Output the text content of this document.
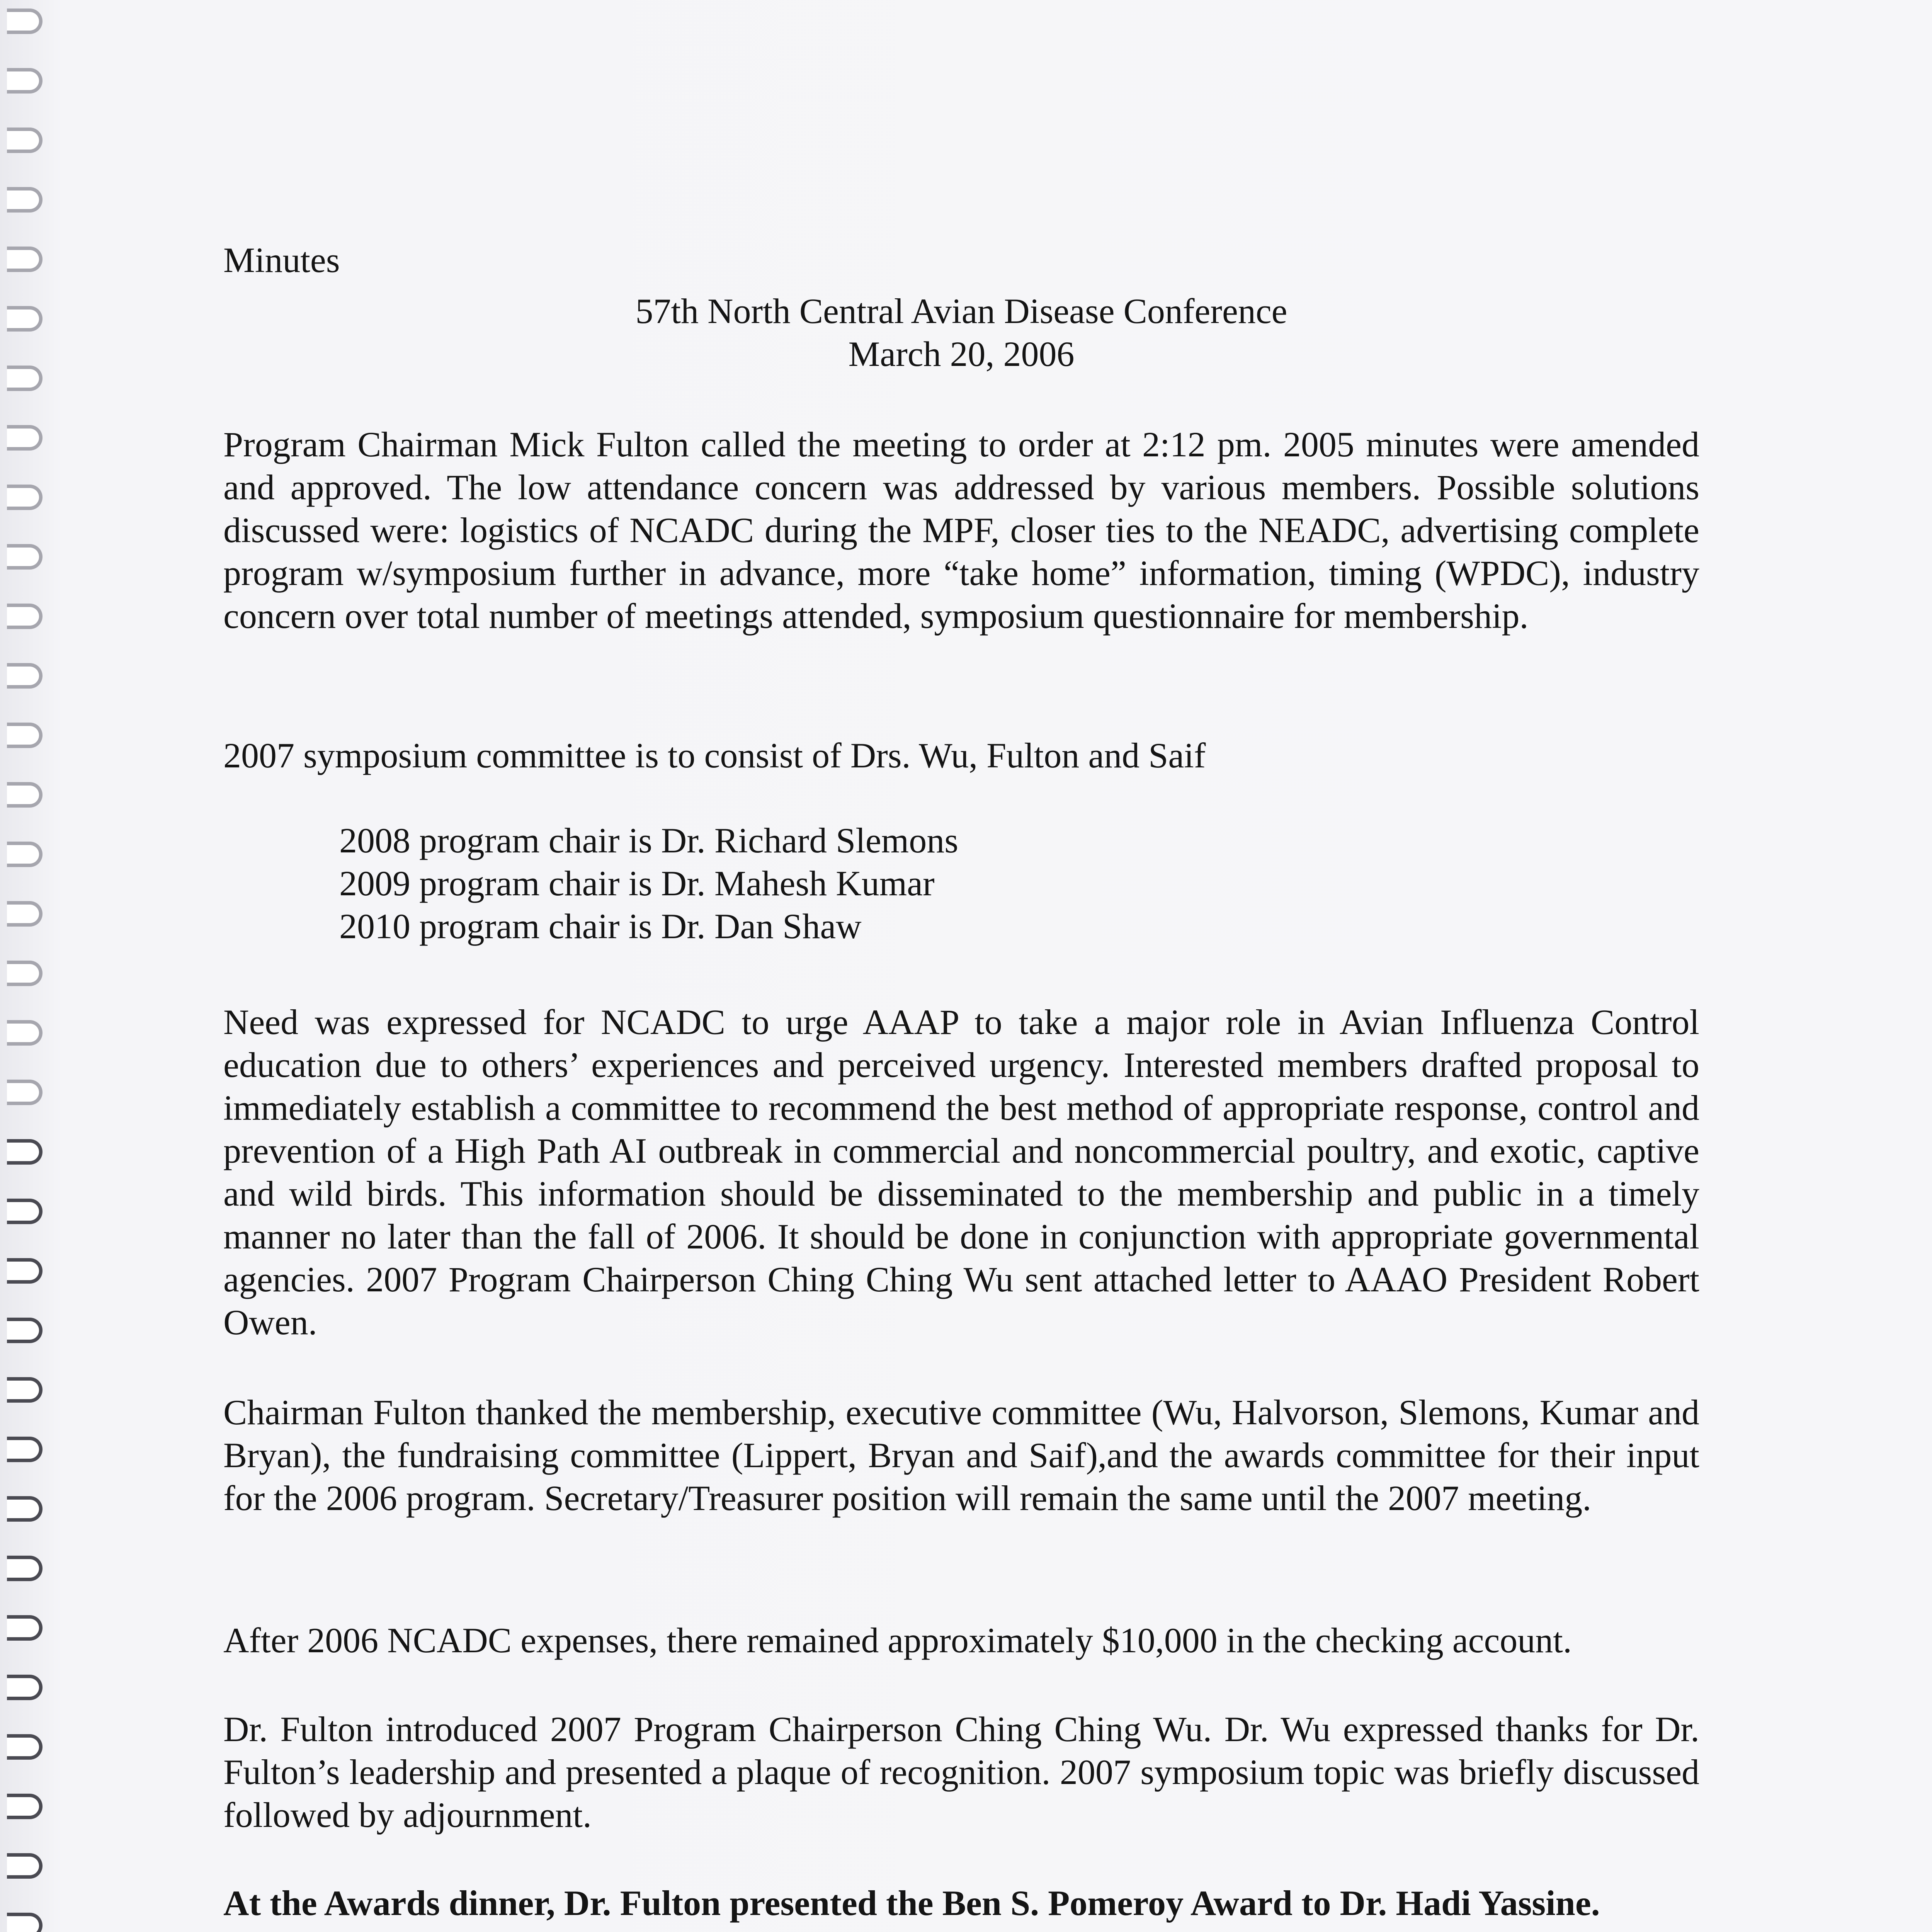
Minutes

57th North Central Avian Disease Conference

March 20, 2006

Program Chairman Mick Fulton called the meeting to order at 2:12 pm. 2005 minutes were amended and approved. The low attendance concern was addressed by various members. Possible solutions discussed were: logistics of NCADC during the MPF, closer ties to the NEADC, advertising complete program w/symposium further in advance, more “take home” information, timing (WPDC), industry concern over total number of meetings attended, symposium questionnaire for membership.

2007 symposium committee is to consist of Drs. Wu, Fulton and Saif

Need was expressed for NCADC to urge AAAP to take a major role in Avian Influenza Control education due to others’ experiences and perceived urgency. Interested members drafted proposal to immediately establish a committee to recommend the best method of appropriate response, control and prevention of a High Path AI outbreak in commercial and noncommercial poultry, and exotic, captive and wild birds. This information should be disseminated to the membership and public in a timely manner no later than the fall of 2006. It should be done in conjunction with appropriate governmental agencies. 2007 Program Chairperson Ching Ching Wu sent attached letter to AAAO President Robert Owen.

Chairman Fulton thanked the membership, executive committee (Wu, Halvorson, Slemons, Kumar and Bryan), the fundraising committee (Lippert, Bryan and Saif),and the awards committee for their input for the 2006 program. Secretary/Treasurer position will remain the same until the 2007 meeting.

After 2006 NCADC expenses, there remained approximately $10,000 in the checking account.

Dr. Fulton introduced 2007 Program Chairperson Ching Ching Wu. Dr. Wu expressed thanks for Dr. Fulton’s leadership and presented a plaque of recognition. 2007 symposium topic was briefly discussed followed by adjournment.

At the Awards dinner, Dr. Fulton presented the Ben S. Pomeroy Award to Dr. Hadi Yassine.

2008 program chair is Dr. Richard Slemons

2009 program chair is Dr. Mahesh Kumar

2010 program chair is Dr. Dan Shaw
